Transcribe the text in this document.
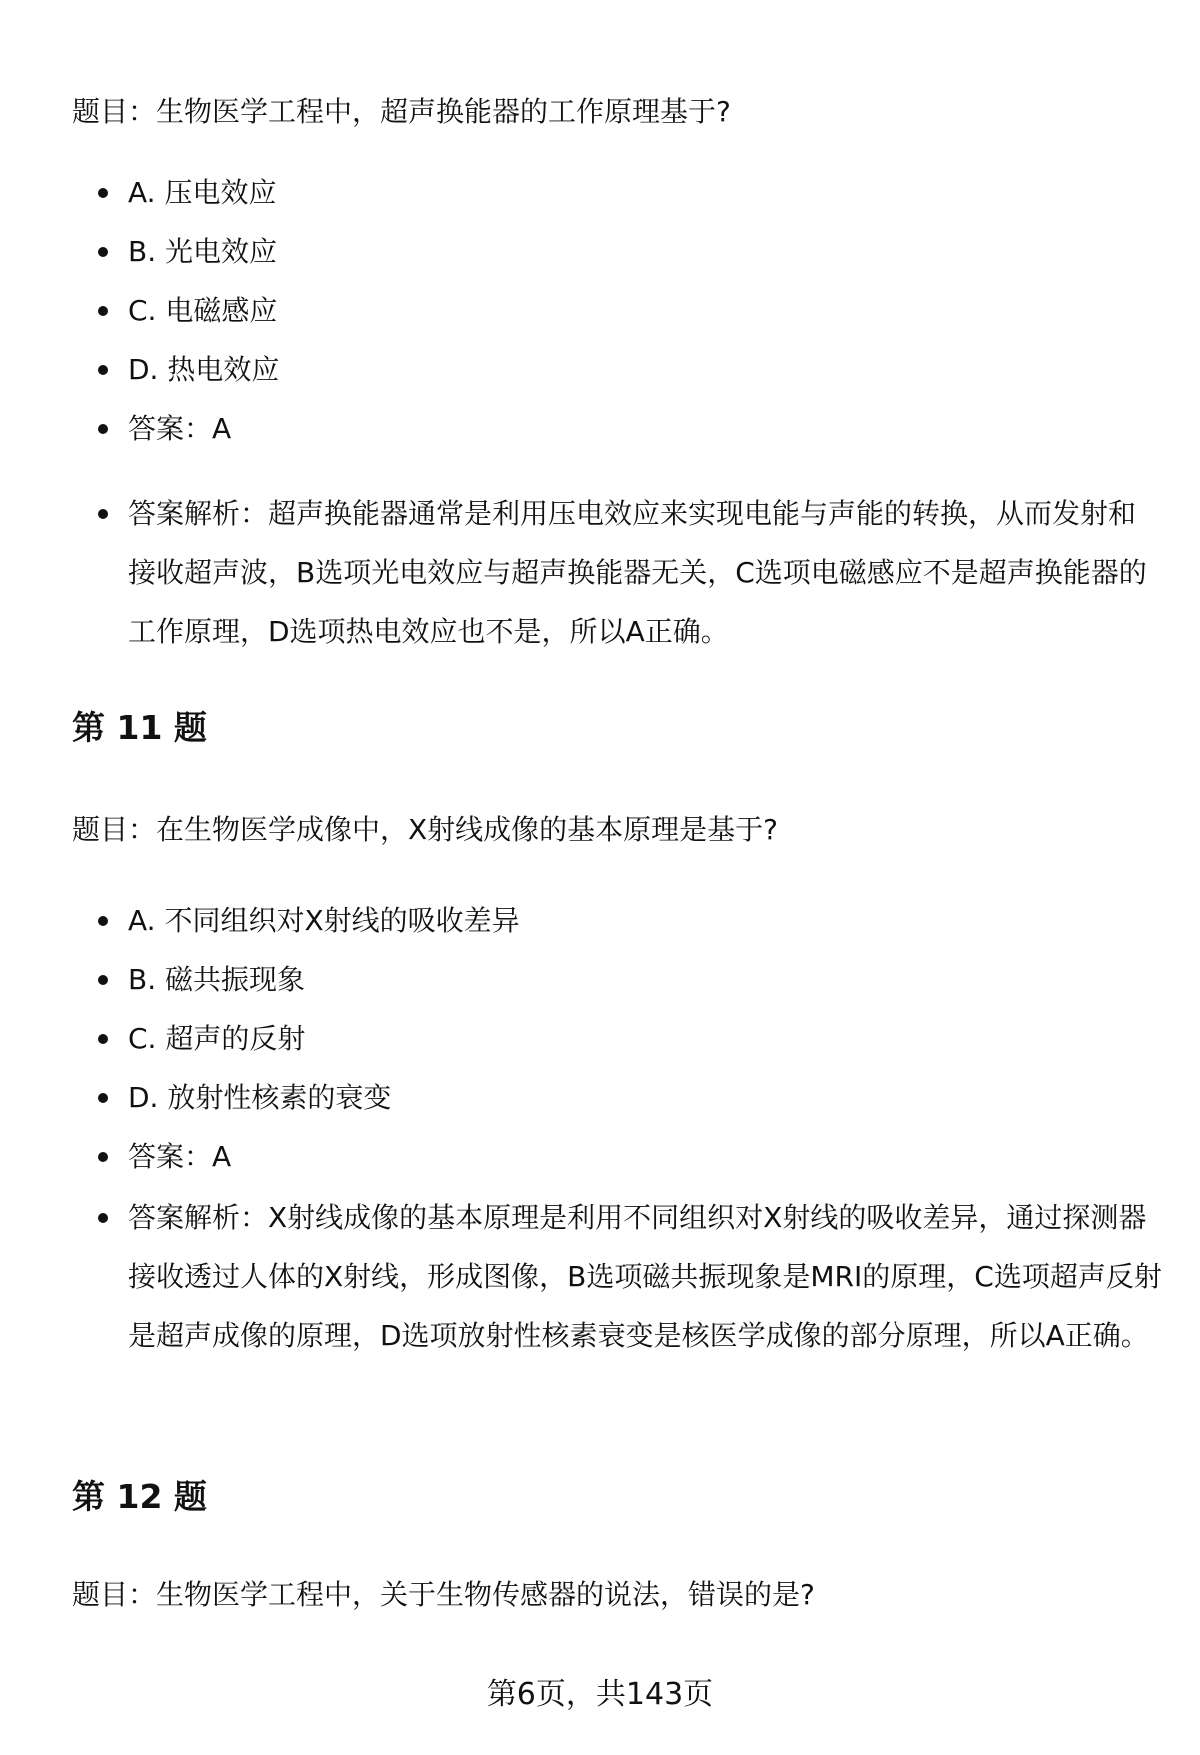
题目：生物医学工程中，超声换能器的工作原理基于?
A. 压电效应
B. 光电效应
C. 电磁感应
D. 热电效应
答案：A
答案解析：超声换能器通常是利用压电效应来实现电能与声能的转换，从而发射和接收超声波，B选项光电效应与超声换能器无关，C选项电磁感应不是超声换能器的工作原理，D选项热电效应也不是，所以A正确。
第 11 题
题目：在生物医学成像中，X射线成像的基本原理是基于?
A. 不同组织对X射线的吸收差异
B. 磁共振现象
C. 超声的反射
D. 放射性核素的衰变
答案：A
答案解析：X射线成像的基本原理是利用不同组织对X射线的吸收差异，通过探测器接收透过人体的X射线，形成图像，B选项磁共振现象是MRI的原理，C选项超声反射是超声成像的原理，D选项放射性核素衰变是核医学成像的部分原理，所以A正确。
第 12 题
题目：生物医学工程中，关于生物传感器的说法，错误的是?
第6页，共143页
